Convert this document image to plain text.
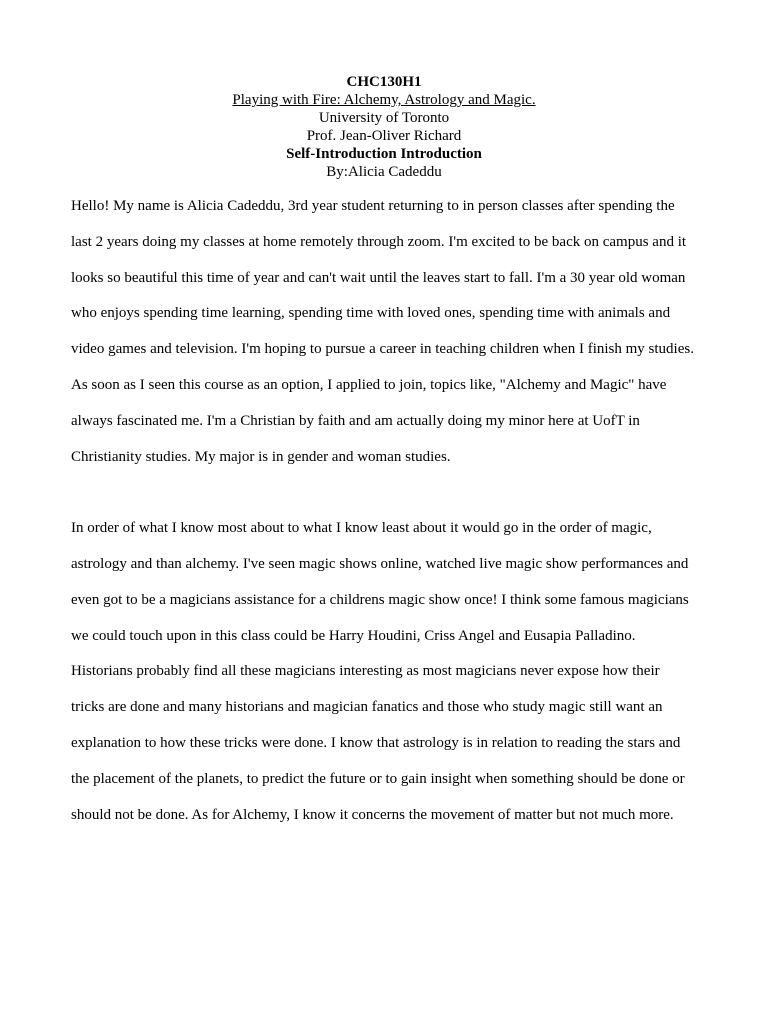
CHC130H1
Playing with Fire: Alchemy, Astrology and Magic.
University of Toronto
Prof. Jean-Oliver Richard
Self-Introduction Introduction
By:Alicia Cadeddu
Hello! My name is Alicia Cadeddu, 3rd year student returning to in person classes after spending the
last 2 years doing my classes at home remotely through zoom. I'm excited to be back on campus and it
looks so beautiful this time of year and can't wait until the leaves start to fall. I'm a 30 year old woman
who enjoys spending time learning, spending time with loved ones, spending time with animals and
video games and television. I'm hoping to pursue a career in teaching children when I finish my studies.
As soon as I seen this course as an option, I applied to join, topics like, "Alchemy and Magic" have
always fascinated me. I'm a Christian by faith and am actually doing my minor here at UofT in
Christianity studies. My major is in gender and woman studies.
In order of what I know most about to what I know least about it would go in the order of magic,
astrology and than alchemy. I've seen magic shows online, watched live magic show performances and
even got to be a magicians assistance for a childrens magic show once! I think some famous magicians
we could touch upon in this class could be Harry Houdini, Criss Angel and Eusapia Palladino.
Historians probably find all these magicians interesting as most magicians never expose how their
tricks are done and many historians and magician fanatics and those who study magic still want an
explanation to how these tricks were done. I know that astrology is in relation to reading the stars and
the placement of the planets, to predict the future or to gain insight when something should be done or
should not be done. As for Alchemy, I know it concerns the movement of matter but not much more.
